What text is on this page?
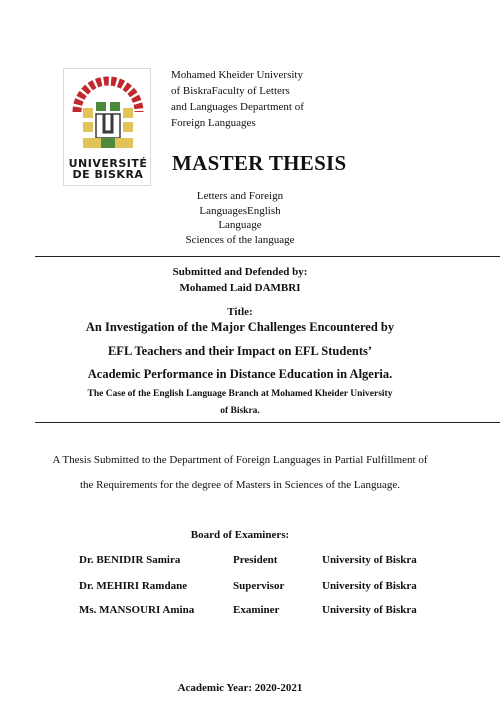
UNIVERSITÉ
DE BISKRA
Mohamed Kheider University
of BiskraFaculty of Letters
and Languages Department of
Foreign Languages
MASTER THESIS
Letters and Foreign
LanguagesEnglish
Language
Sciences of the language
Submitted and Defended by:
Mohamed Laid DAMBRI
Title:
An Investigation of the Major Challenges Encountered by
EFL Teachers and their Impact on EFL Students’
Academic Performance in Distance Education in Algeria.
The Case of the English Language Branch at Mohamed Kheider University
of Biskra.
A Thesis Submitted to the Department of Foreign Languages in Partial Fulfillment of
the Requirements for the degree of Masters in Sciences of the Language.
Board of Examiners:
Dr. BENIDIR Samira	President	University of Biskra
Dr. MEHIRI Ramdane	Supervisor	University of Biskra
Ms. MANSOURI Amina	Examiner	University of Biskra
Academic Year: 2020-2021
